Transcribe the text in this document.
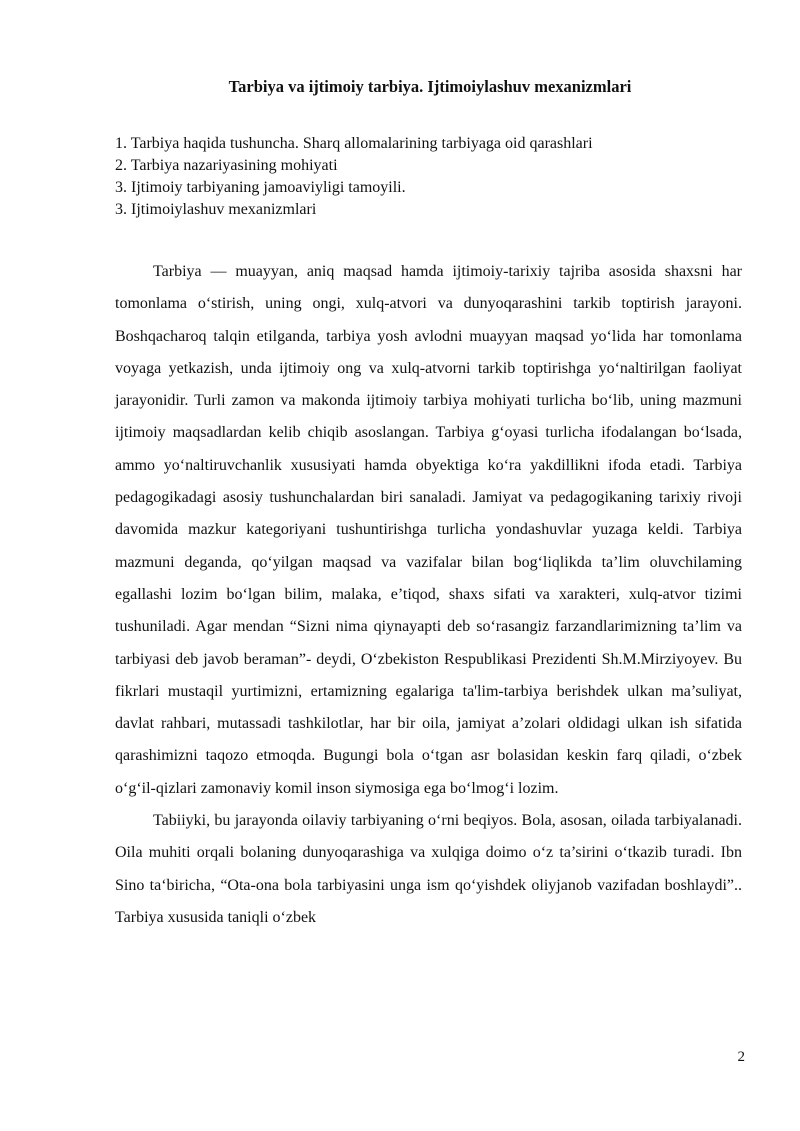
Tarbiya va ijtimoiy tarbiya. Ijtimoiylashuv mexanizmlari
1. Tarbiya haqida tushuncha. Sharq allomalarining tarbiyaga oid qarashlari
2. Tarbiya nazariyasining mohiyati
3. Ijtimoiy tarbiyaning jamoaviyligi tamoyili.
3. Ijtimoiylashuv mexanizmlari

Tarbiya — muayyan, aniq maqsad hamda ijtimoiy-tarixiy tajriba asosida shaxsni har tomonlama o‘stirish, uning ongi, xulq-atvori va dunyoqarashini tarkib toptirish jarayoni. Boshqacharoq talqin etilganda, tarbiya yosh avlodni muayyan maqsad yo‘lida har tomonlama voyaga yetkazish, unda ijtimoiy ong va xulq-atvorni tarkib toptirishga yo‘naltirilgan faoliyat jarayonidir. Turli zamon va makonda ijtimoiy tarbiya mohiyati turlicha bo‘lib, uning mazmuni ijtimoiy maqsadlardan kelib chiqib asoslangan. Tarbiya g‘oyasi turlicha ifodalangan bo‘lsada, ammo yo‘naltiruvchanlik xususiyati hamda obyektiga ko‘ra yakdillikni ifoda etadi. Tarbiya pedagogikadagi asosiy tushunchalardan biri sanaladi. Jamiyat va pedagogikaning tarixiy rivoji davomida mazkur kategoriyani tushuntirishga turlicha yondashuvlar yuzaga keldi. Tarbiya mazmuni deganda, qo‘yilgan maqsad va vazifalar bilan bog‘liqlikda ta’lim oluvchilaming egallashi lozim bo‘lgan bilim, malaka, e’tiqod, shaxs sifati va xarakteri, xulq-atvor tizimi tushuniladi. Agar mendan “Sizni nima qiynayapti deb so‘rasangiz farzandlarimizning ta’lim va tarbiyasi deb javob beraman”- deydi, O‘zbekiston Respublikasi Prezidenti Sh.M.Mirziyoyev. Bu fikrlari mustaqil yurtimizni, ertamizning egalariga ta'lim-tarbiya berishdek ulkan ma’suliyat, davlat rahbari, mutassadi tashkilotlar, har bir oila, jamiyat a’zolari oldidagi ulkan ish sifatida qarashimizni taqozo etmoqda. Bugungi bola o‘tgan asr bolasidan keskin farq qiladi, o‘zbek o‘g‘il-qizlari zamonaviy komil inson siymosiga ega bo‘lmog‘i lozim.

Tabiiyki, bu jarayonda oilaviy tarbiyaning o‘rni beqiyos. Bola, asosan, oilada tarbiyalanadi. Oila muhiti orqali bolaning dunyoqarashiga va xulqiga doimo o‘z ta’sirini o‘tkazib turadi. Ibn Sino ta‘biricha, “Ota-ona bola tarbiyasini unga ism qo‘yishdek oliyjanob vazifadan boshlaydi”.. Tarbiya xususida taniqli o‘zbek

2
